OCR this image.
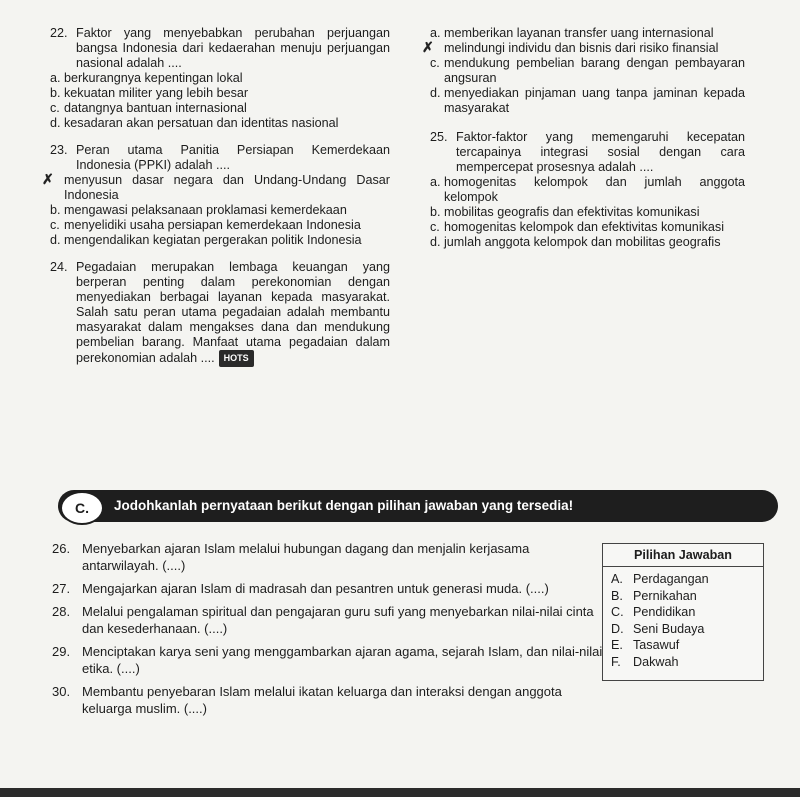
22. Faktor yang menyebabkan perubahan perjuangan bangsa Indonesia dari kedaerahan menuju perjuangan nasional adalah ....
a. berkurangnya kepentingan lokal
b. kekuatan militer yang lebih besar
c. datangnya bantuan internasional
d. kesadaran akan persatuan dan identitas nasional
23. Peran utama Panitia Persiapan Kemerdekaan Indonesia (PPKI) adalah ....
✗ menyusun dasar negara dan Undang-Undang Dasar Indonesia
b. mengawasi pelaksanaan proklamasi kemerdekaan
c. menyelidiki usaha persiapan kemerdekaan Indonesia
d. mengendalikan kegiatan pergerakan politik Indonesia
24. Pegadaian merupakan lembaga keuangan yang berperan penting dalam perekonomian dengan menyediakan berbagai layanan kepada masyarakat. Salah satu peran utama pegadaian adalah membantu masyarakat dalam mengakses dana dan mendukung pembelian barang. Manfaat utama pegadaian dalam perekonomian adalah .... HOTS
a. memberikan layanan transfer uang internasional
✗ melindungi individu dan bisnis dari risiko finansial
c. mendukung pembelian barang dengan pembayaran angsuran
d. menyediakan pinjaman uang tanpa jaminan kepada masyarakat
25. Faktor-faktor yang memengaruhi kecepatan tercapainya integrasi sosial dengan cara mempercepat prosesnya adalah ....
a. homogenitas kelompok dan jumlah anggota kelompok
b. mobilitas geografis dan efektivitas komunikasi
c. homogenitas kelompok dan efektivitas komunikasi
d. jumlah anggota kelompok dan mobilitas geografis
C.	Jodohkanlah pernyataan berikut dengan pilihan jawaban yang tersedia!
26. Menyebarkan ajaran Islam melalui hubungan dagang dan menjalin kerjasama antarwilayah. (....)
27. Mengajarkan ajaran Islam di madrasah dan pesantren untuk generasi muda. (....)
28. Melalui pengalaman spiritual dan pengajaran guru sufi yang menyebarkan nilai-nilai cinta dan kesederhanaan. (....)
29. Menciptakan karya seni yang menggambarkan ajaran agama, sejarah Islam, dan nilai-nilai etika. (....)
30. Membantu penyebaran Islam melalui ikatan keluarga dan interaksi dengan anggota keluarga muslim. (....)
Pilihan Jawaban
A. Perdagangan
B. Pernikahan
C. Pendidikan
D. Seni Budaya
E. Tasawuf
F. Dakwah
